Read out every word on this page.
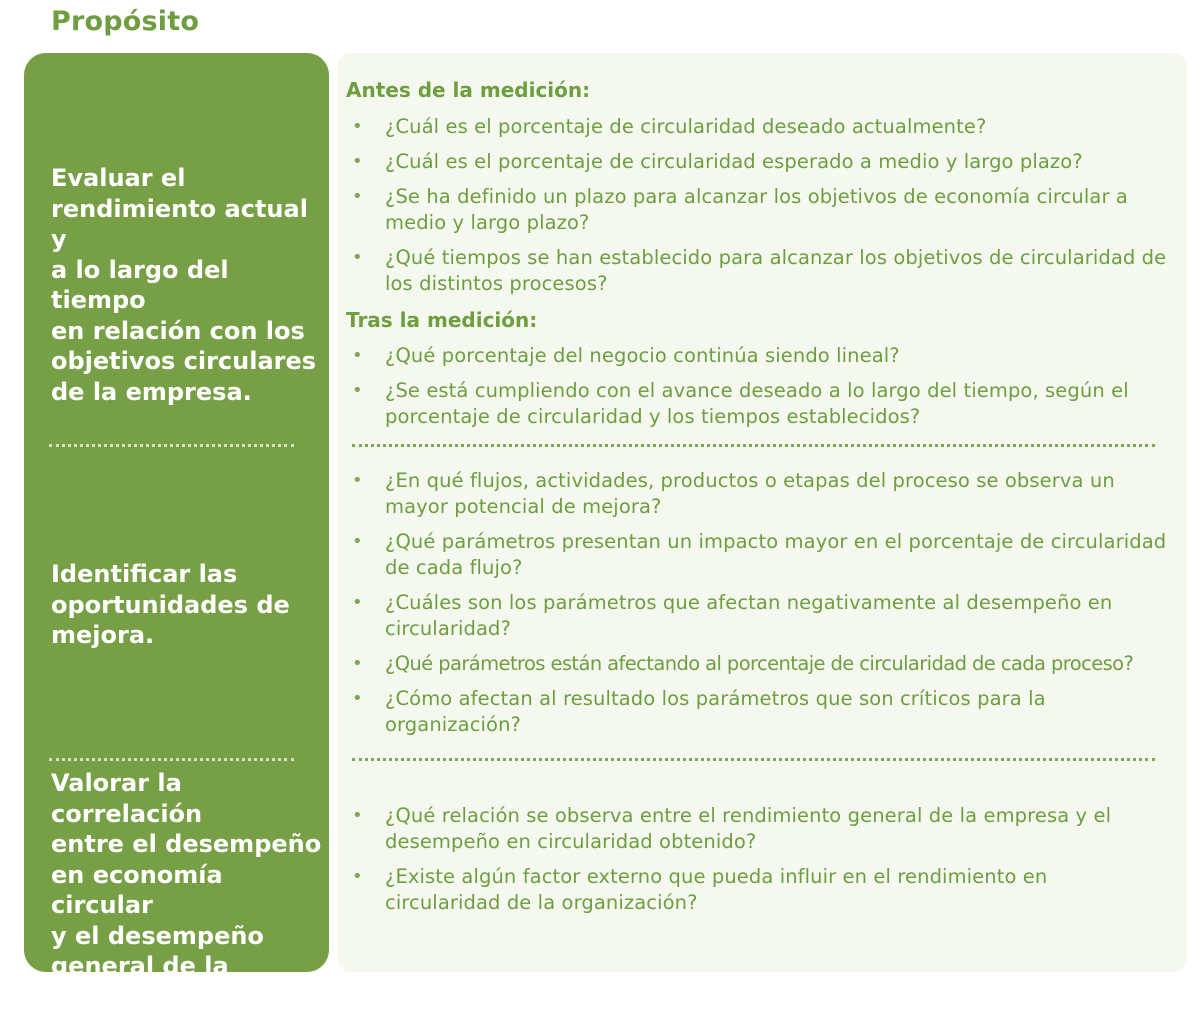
Propósito
Evaluar el
rendimiento actual y
a lo largo del tiempo
en relación con los
objetivos circulares
de la empresa.
Identificar las
oportunidades de
mejora.
Valorar la correlación
entre el desempeño
en economía circular
y el desempeño
general de la
compañía.
Antes de la medición:
• ¿Cuál es el porcentaje de circularidad deseado actualmente?
• ¿Cuál es el porcentaje de circularidad esperado a medio y largo plazo?
• ¿Se ha definido un plazo para alcanzar los objetivos de economía circular a medio y largo plazo?
• ¿Qué tiempos se han establecido para alcanzar los objetivos de circularidad de los distintos procesos?
Tras la medición:
• ¿Qué porcentaje del negocio continúa siendo lineal?
• ¿Se está cumpliendo con el avance deseado a lo largo del tiempo, según el porcentaje de circularidad y los tiempos establecidos?
• ¿En qué flujos, actividades, productos o etapas del proceso se observa un mayor potencial de mejora?
• ¿Qué parámetros presentan un impacto mayor en el porcentaje de circularidad de cada flujo?
• ¿Cuáles son los parámetros que afectan negativamente al desempeño en circularidad?
• ¿Qué parámetros están afectando al porcentaje de circularidad de cada proceso?
• ¿Cómo afectan al resultado los parámetros que son críticos para la organización?
• ¿Qué relación se observa entre el rendimiento general de la empresa y el desempeño en circularidad obtenido?
• ¿Existe algún factor externo que pueda influir en el rendimiento en circularidad de la organización?
